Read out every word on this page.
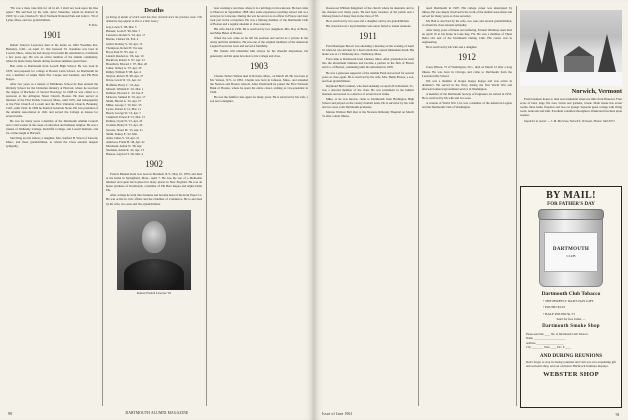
"He was a man, take him for all in all, I shall not look upon his like again." His survived by his wife, Alice Valentine, whom he married in 1903; by a son, Charles N. '46 of Vermont National Park and John C. '50 of Lyme, Mass, and two grandchildren.

E.W.G.
1901

Robert Sancton Lawrence died at his home on 1902 Yosemite Rd., Berkeley, Calif., on April 17. Our honored '01 classmate was born in Lowell, Mass., where he had always lived until his retirement to California a few years ago. He was an active member of the alumni community, where he made many friends during fourteen summers spent there.

Bob came to Dartmouth from Lowell High School. He was born in 1878, and prepared for college at Boston Latin School. At Dartmouth he was a member of Alpha Delta Phi, Casque and Gauntlet, and Phi Beta Kappa.

After two years as a master at Middlesex School he then entered the Divinity School for the Unitarian ministry at Harvard, where he received the degree of Bachelor of Sacred Theology. In 1908 he was called to a pastorate at the Arlington Street Church, Boston. He then served as minister of the First Parish, Concord, Mass., until 1935, and subsequently at the First Church of Lowell and the First Unitarian Church, Berkeley, Calif., until 1942. In 1906 he married Gertrude Stone. He was president of the Alumni Association in 1941 and served the College as trustee for several terms.

He was for many years a member of the Dartmouth Alumni Council and a vital worker in the cause of education and humane religion. He was a trustee of Wellesley College, Radcliffe College, and Lowell Institute, and for a time taught at Harvard.

Surviving are his widow; a daughter, Mrs. Sanford B. Wood of Lincoln, Mass.; and three grandchildren, to whom the Class extends deepest sympathy.

Deaths
[A listing of deaths of which word has been received since the previous issue. Full obituaries may appear in this or a later issue.]
Gay, Lewis S. '98, Mar. 3
Bennett, Louis P. '99, Mar. 7
Lawrence, Robert S. '01, Apr. 17
Barnes, Charles '02, Feb. 4
Gillett, Rodney S. '02, Apr. 15
Thompson, Robert H. '04, Apr.
Boyd, Paul W. '05, Apr. 4
Lindell, Reuben G. '06, Apr. 10
Buckford, Robert S. '07, Apr. 13
Brouillard, Edward J. '07, Mar. 26
Cutler, Sidney A. '07, Apr. 30
Ridley, William F. '08, Apr. 4
Slayton, Robert H. '08, Apr. 27
Davis, Lewis W. '10, Apr. 24
Hoffman, Harry C. '10, Apr.
Marsell, William E. '10, Mar. 1
Pellinan, Howard L. '10, Jan. 8
Mckown, Samuel R. '10, Apr. 17
Smith, Harold A. '10, Apr. 27
Miller, George J. '10, Dec. 25
Lyons, Robert P. '12, Mar. 11
Beach, George W. '13, Apr. 7
Campbell, Ernest P. '15, Mar. 13
Perkins, Clyde W. '15, Apr. 25
Tootikis, Henry P. '15, Apr. 26
Stevens, Stuart M. '15, Apr. 21
Smith, Sidney E. '22, Mar.
Allen, James S. '23, Apr. 21
Anderson, Frank H. '48, Apr. 22
Morehead, Arthur N. '38, Apr.
Snedeker, Adam R. '42, Apr. 13
Hanson, Gaylord T. '46, Mar. 4
1902

Francis Bennett Kent was born in Marshall, N.Y., May 10, 1879, and died at his home in Springfield, Mass., April 7. He was the son of a Methodist minister and spent his boyhood in many places in New England. He was an honor graduate of Dartmouth, a member of Phi Beta Kappa and Alpha Delta Phi.

After college he went into business and became head of the Kent Paper Co. He was active in civic affairs and the Chamber of Commerce. He is survived by his wife, two sons and five grandchildren.

Robert French Lawrow '01

beat working a real man, where it is a privilege to have known. He had come to Hanover in September 1898 after some experience teaching school and as a surveyor in Colorado. During the war he served as an officer in France and later took part in the occupation. He was a lifelong member of the Dartmouth Club of Boston and a regular attender at class reunions.

His wife died in 1936. He is survived by two daughters, Mrs. Ray of Barre, and Miss Helen of Boston.

When the war came on he left his position and served as a private in the Army until the Armistice. He was one of the original members of the American Legion Post in his town and served it faithfully.

His friends will remember him always for his cheerful disposition, his generosity and his quiet devotion to his College and class.

1903

Charles Tarbox Wilson died in Newton, Mass., on March 28. He was born at Mt. Vernon, N.Y., in 1881. Charlie was born in Johnson, Mass., and attended the Newton and Boston schools. After Dartmouth he joined the First National Bank of Boston, where he spent his entire career, retiring as vice-president in 1946.

He was the faithful class agent for many years. He is survived by his wife, a son and a daughter.

90	DARTMOUTH ALUMNI MAGAZINE

Rosewood William Kingsford of the church where he attended, and to the channel over many years. He had been treasurer of his parish and a lifelong friend of many men in the class of '03.

He is survived by two sons and a daughter and by six grandchildren.

His class has lost a loyal member who never failed to attend reunions.

1911

Fred Montague Brown was attending a meeting on the evening of April 16 when he was stricken by a heart attack that caused immediate death. His home was at 11 Wellesley Ave., Wellesley, Mass.

Fred came to Dartmouth from Chelsea, Mass. After graduation he went into the investment business and became a partner in the firm of Brown and Co. of Boston, continuing until his retirement in 1958.

He was a generous supporter of the Alumni Fund and served for several years as class agent. He is survived by his wife, Mrs. Helen Brown, a son, and four grandchildren.

Raymond Bell Cardinal, who died suddenly on April 20 in Rutland, Vt., was a devoted member of the class. He was prominent in the lumber business and served as a director of several local banks.

Mike, as he was known, came to Dartmouth from Burlington High School and played on the varsity football team. He is survived by his wife and two sons, both Dartmouth graduates.

Marion Wallace Bell died at the Newton-Wellesley Hospital on March 31 after a short illness.

tered Dartmouth in 1907. His college career was interrupted by illness. He was deeply involved in the work of the alumni association and served for many years as class secretary.

Mr. Bell is survived by his wife, two sons and several grandchildren, to whom the class extends sympathy.

After many years of illness and suffering, Earnest Winthrop Auer died on April 19 at his home in Lake Ray, Fla. He was a member of Theta Delta Chi and of the Dartmouth Outing Club. His career was in engineering.

He is survived by his wife and a daughter.

1912

Jones Wilson, 72 of Washington, D.C., died on March 12 after a long illness. He was born in Chicago and came to Dartmouth from the Lawrenceville School.

Jim was a member of Kappa Kappa Kappa and was active in dramatics. He served in the Navy during the first World War and afterward entered government service in Washington.

A member of the Dartmouth Society of Engineers, he retired in 1953. He is survived by his wife and two sons.

A veteran of World War I, he was a member of the American Legion and the Dartmouth Club of Washington.

Norwich, Vermont

From business house to dual and residential street not mile from Hanover. Four acres of land, large flat area, lawns and gardens, brook. Main house has seven rooms, three baths, fireplace and two-car garage. Separate guest cottage with living room, bedroom and bath. Excellent condition throughout. Illustrated brochure upon request.

Inquiries to owner — J. M. McGraw, Norwich, Vermont. Phone: 649-3071

BY MAIL!
FOR FATHER'S DAY
DARTMOUTH
CLUB
Dartmouth Club Tobacco
• THE PERFECT DAD'S DAY GIFT
• POUND $3.25
• HALF POUND $1.75
Send for free folder —
Dartmouth Smoke Shop
Please send me ____ lbs. of Dartmouth Club Tobacco.
Name ______________________
Address ___________________
City ________ State ____ Enc. $ ____
AND DURING REUNIONS
Don't forget to stop in during reunions and visit our ever-expanding gift and souvenir shop, and our exclusive Hitchcock furniture displays.
WEBSTER SHOP
Issue of June 1961	91
